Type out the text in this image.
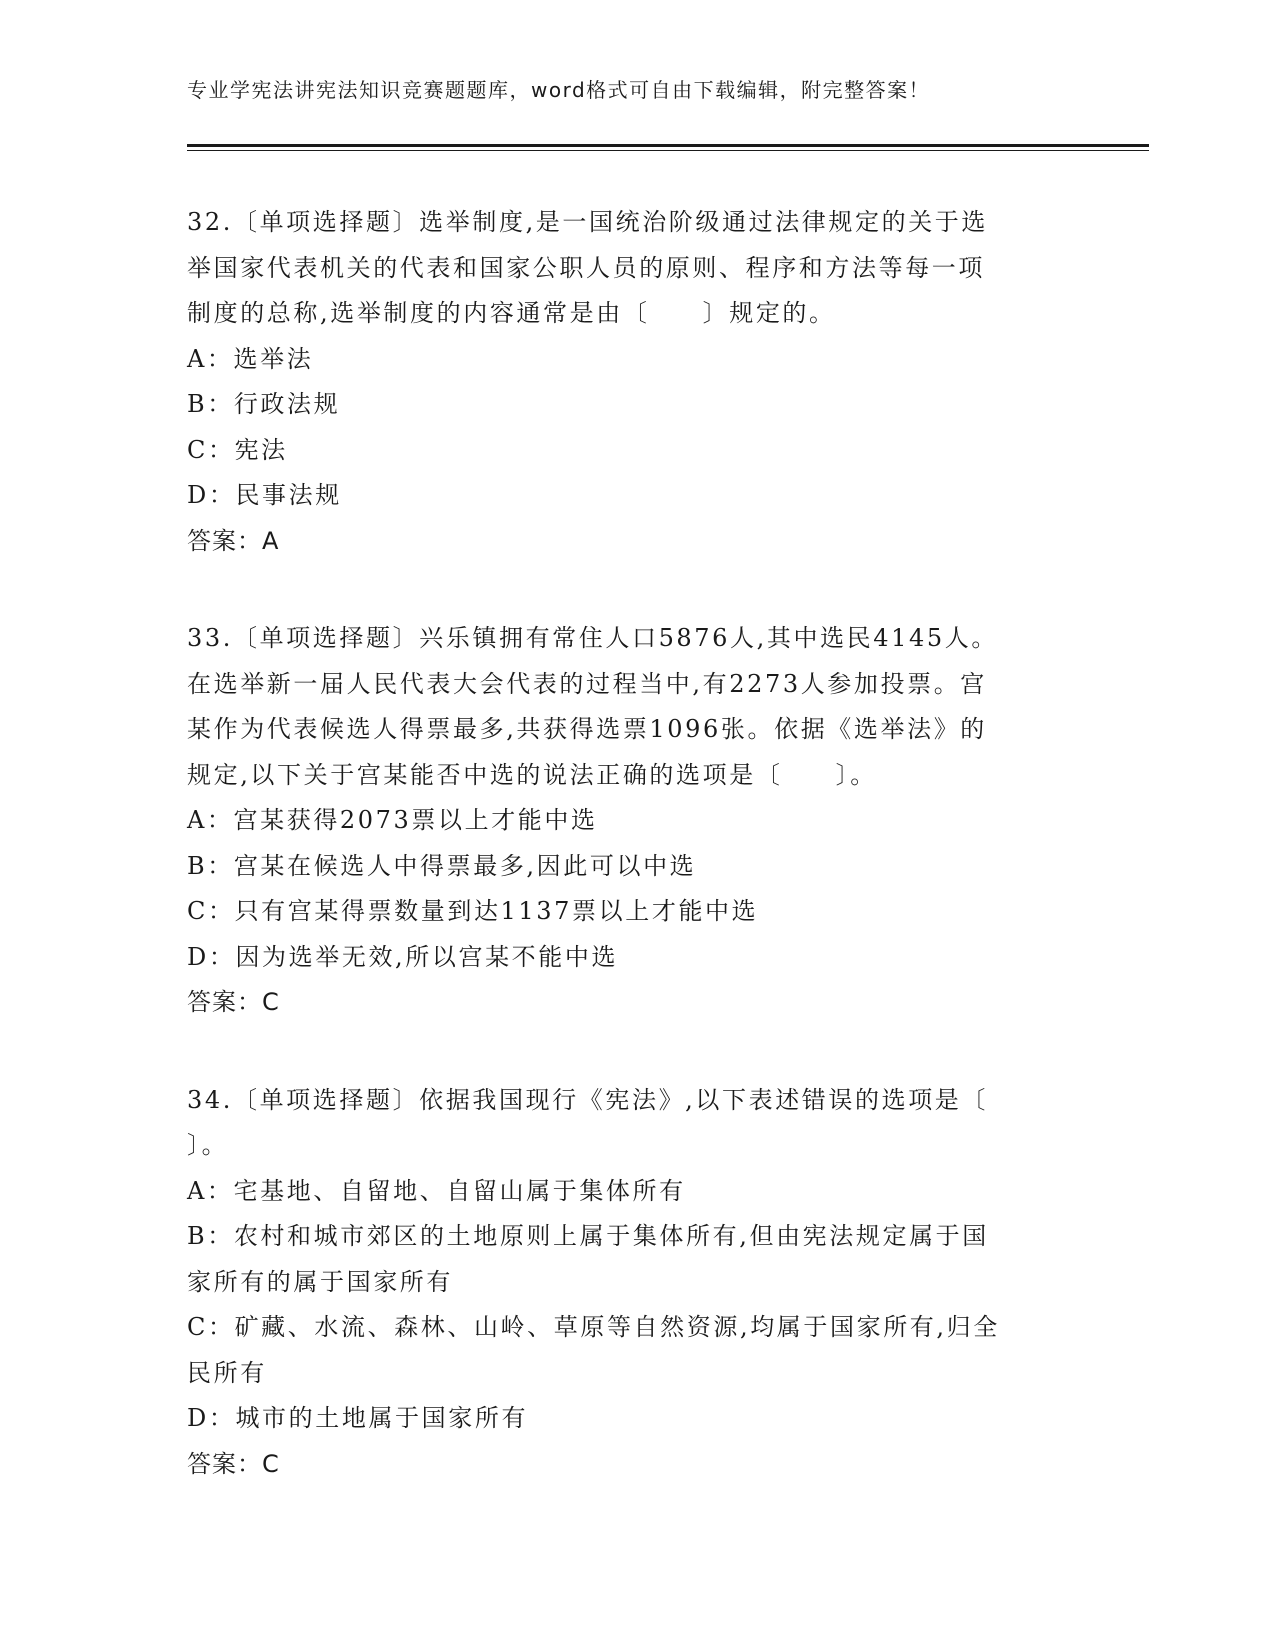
专业学宪法讲宪法知识竞赛题题库，word格式可自由下载编辑，附完整答案！
32.〔单项选择题〕选举制度,是一国统治阶级通过法律规定的关于选
举国家代表机关的代表和国家公职人员的原则、程序和方法等每一项
制度的总称,选举制度的内容通常是由〔　　〕规定的。
A：选举法
B：行政法规
C：宪法
D：民事法规
答案：A
33.〔单项选择题〕兴乐镇拥有常住人口5876人,其中选民4145人。
在选举新一届人民代表大会代表的过程当中,有2273人参加投票。宫
某作为代表候选人得票最多,共获得选票1096张。依据《选举法》的
规定,以下关于宫某能否中选的说法正确的选项是〔　　〕。
A：宫某获得2073票以上才能中选
B：宫某在候选人中得票最多,因此可以中选
C：只有宫某得票数量到达1137票以上才能中选
D：因为选举无效,所以宫某不能中选
答案：C
34.〔单项选择题〕依据我国现行《宪法》,以下表述错误的选项是〔
〕。
A：宅基地、自留地、自留山属于集体所有
B：农村和城市郊区的土地原则上属于集体所有,但由宪法规定属于国
家所有的属于国家所有
C：矿藏、水流、森林、山岭、草原等自然资源,均属于国家所有,归全
民所有
D：城市的土地属于国家所有
答案：C
